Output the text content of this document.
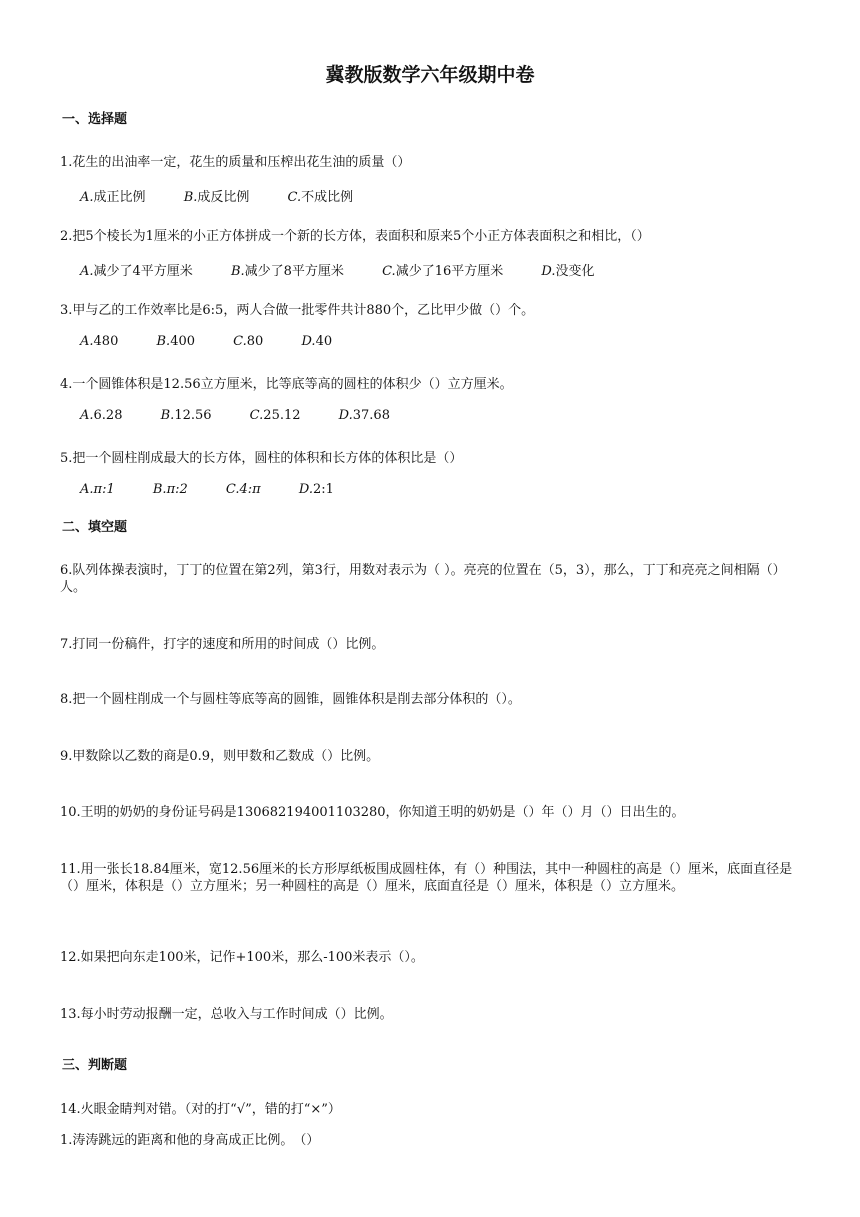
冀教版数学六年级期中卷
一、选择题
1.花生的出油率一定，花生的质量和压榨出花生油的质量（）
A.成正比例	B.成反比例	C.不成比例
2.把5个棱长为1厘米的小正方体拼成一个新的长方体，表面积和原来5个小正方体表面积之和相比，（）
A.减少了4平方厘米	B.减少了8平方厘米	C.减少了16平方厘米	D.没变化
3.甲与乙的工作效率比是6:5，两人合做一批零件共计880个，乙比甲少做（）个。
A.480	B.400	C.80	D.40
4.一个圆锥体积是12.56立方厘米，比等底等高的圆柱的体积少（）立方厘米。
A.6.28	B.12.56	C.25.12	D.37.68
5.把一个圆柱削成最大的长方体，圆柱的体积和长方体的体积比是（）
A.π:1	B.π:2	C.4:π	D.2:1
二、填空题
6.队列体操表演时，丁丁的位置在第2列，第3行，用数对表示为（ ）。亮亮的位置在（5，3），那么，丁丁和亮亮之间相隔（）人。
7.打同一份稿件，打字的速度和所用的时间成（）比例。
8.把一个圆柱削成一个与圆柱等底等高的圆锥，圆锥体积是削去部分体积的（）。
9.甲数除以乙数的商是0.9，则甲数和乙数成（）比例。
10.王明的奶奶的身份证号码是130682194001103280，你知道王明的奶奶是（）年（）月（）日出生的。
11.用一张长18.84厘米，宽12.56厘米的长方形厚纸板围成圆柱体，有（）种围法，其中一种圆柱的高是（）厘米，底面直径是（）厘米，体积是（）立方厘米；另一种圆柱的高是（）厘米，底面直径是（）厘米，体积是（）立方厘米。
12.如果把向东走100米，记作+100米，那么-100米表示（）。
13.每小时劳动报酬一定，总收入与工作时间成（）比例。
三、判断题
14.火眼金睛判对错。（对的打“√”，错的打“×”）
1.涛涛跳远的距离和他的身高成正比例。　（）
